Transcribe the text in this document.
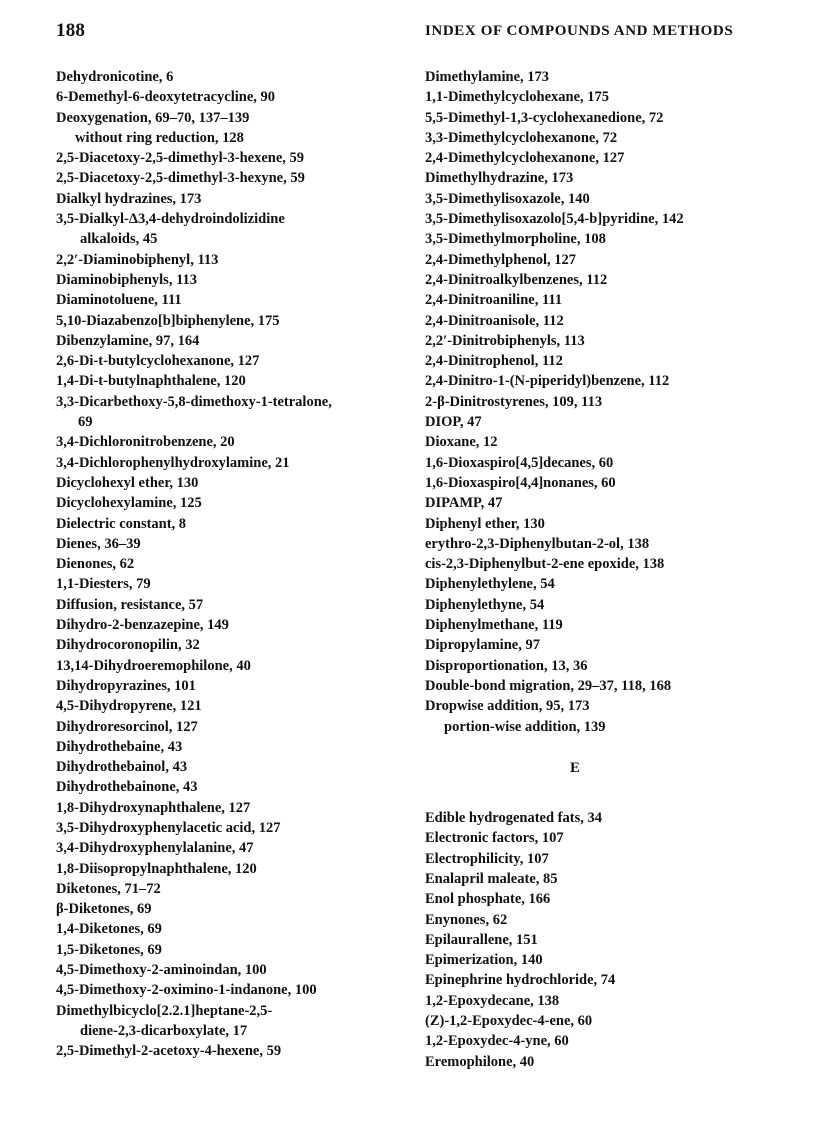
188	INDEX OF COMPOUNDS AND METHODS
Dehydronicotine, 6
6-Demethyl-6-deoxytetracycline, 90
Deoxygenation, 69–70, 137–139
without ring reduction, 128
2,5-Diacetoxy-2,5-dimethyl-3-hexene, 59
2,5-Diacetoxy-2,5-dimethyl-3-hexyne, 59
Dialkyl hydrazines, 173
3,5-Dialkyl-Δ3,4-dehydroindolizidine
alkaloids, 45
2,2′-Diaminobiphenyl, 113
Diaminobiphenyls, 113
Diaminotoluene, 111
5,10-Diazabenzo[b]biphenylene, 175
Dibenzylamine, 97, 164
2,6-Di-t-butylcyclohexanone, 127
1,4-Di-t-butylnaphthalene, 120
3,3-Dicarbethoxy-5,8-dimethoxy-1-tetralone,
69
3,4-Dichloronitrobenzene, 20
3,4-Dichlorophenylhydroxylamine, 21
Dicyclohexyl ether, 130
Dicyclohexylamine, 125
Dielectric constant, 8
Dienes, 36–39
Dienones, 62
1,1-Diesters, 79
Diffusion, resistance, 57
Dihydro-2-benzazepine, 149
Dihydrocoronopilin, 32
13,14-Dihydroeremophilone, 40
Dihydropyrazines, 101
4,5-Dihydropyrene, 121
Dihydroresorcinol, 127
Dihydrothebaine, 43
Dihydrothebainol, 43
Dihydrothebainone, 43
1,8-Dihydroxynaphthalene, 127
3,5-Dihydroxyphenylacetic acid, 127
3,4-Dihydroxyphenylalanine, 47
1,8-Diisopropylnaphthalene, 120
Diketones, 71–72
β-Diketones, 69
1,4-Diketones, 69
1,5-Diketones, 69
4,5-Dimethoxy-2-aminoindan, 100
4,5-Dimethoxy-2-oximino-1-indanone, 100
Dimethylbicyclo[2.2.1]heptane-2,5-
diene-2,3-dicarboxylate, 17
2,5-Dimethyl-2-acetoxy-4-hexene, 59
Dimethylamine, 173
1,1-Dimethylcyclohexane, 175
5,5-Dimethyl-1,3-cyclohexanedione, 72
3,3-Dimethylcyclohexanone, 72
2,4-Dimethylcyclohexanone, 127
Dimethylhydrazine, 173
3,5-Dimethylisoxazole, 140
3,5-Dimethylisoxazolo[5,4-b]pyridine, 142
3,5-Dimethylmorpholine, 108
2,4-Dimethylphenol, 127
2,4-Dinitroalkylbenzenes, 112
2,4-Dinitroaniline, 111
2,4-Dinitroanisole, 112
2,2′-Dinitrobiphenyls, 113
2,4-Dinitrophenol, 112
2,4-Dinitro-1-(N-piperidyl)benzene, 112
2-β-Dinitrostyrenes, 109, 113
DIOP, 47
Dioxane, 12
1,6-Dioxaspiro[4,5]decanes, 60
1,6-Dioxaspiro[4,4]nonanes, 60
DIPAMP, 47
Diphenyl ether, 130
erythro-2,3-Diphenylbutan-2-ol, 138
cis-2,3-Diphenylbut-2-ene epoxide, 138
Diphenylethylene, 54
Diphenylethyne, 54
Diphenylmethane, 119
Dipropylamine, 97
Disproportionation, 13, 36
Double-bond migration, 29–37, 118, 168
Dropwise addition, 95, 173
portion-wise addition, 139
E
Edible hydrogenated fats, 34
Electronic factors, 107
Electrophilicity, 107
Enalapril maleate, 85
Enol phosphate, 166
Enynones, 62
Epilaurallene, 151
Epimerization, 140
Epinephrine hydrochloride, 74
1,2-Epoxydecane, 138
(Z)-1,2-Epoxydec-4-ene, 60
1,2-Epoxydec-4-yne, 60
Eremophilone, 40
